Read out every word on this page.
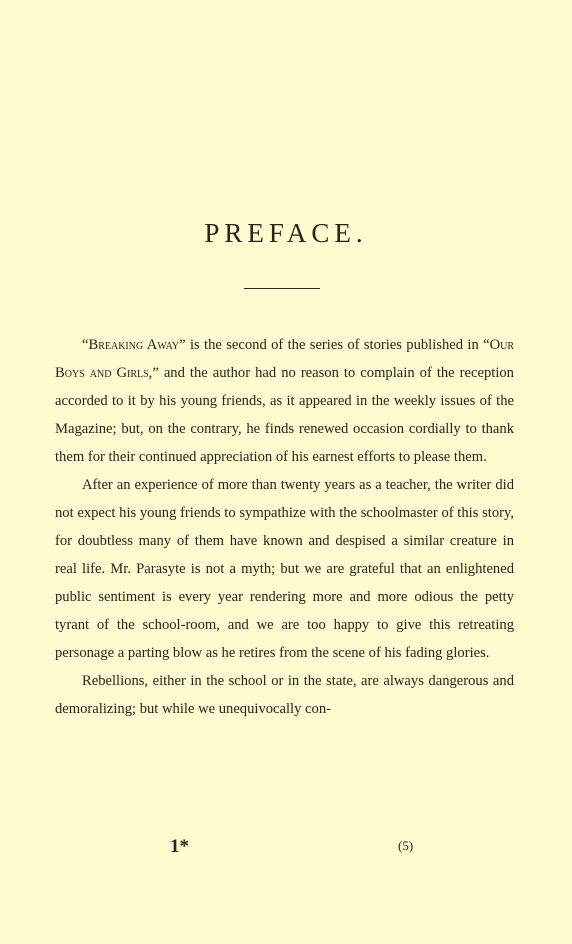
PREFACE.

“Breaking Away” is the second of the series of stories published in “Our Boys and Girls,” and the author had no reason to complain of the reception accorded to it by his young friends, as it appeared in the weekly issues of the Magazine; but, on the contrary, he finds renewed occasion cordially to thank them for their continued appreciation of his earnest efforts to please them.

After an experience of more than twenty years as a teacher, the writer did not expect his young friends to sympathize with the schoolmaster of this story, for doubtless many of them have known and despised a similar creature in real life. Mr. Parasyte is not a myth; but we are grateful that an enlightened public sentiment is every year rendering more and more odious the petty tyrant of the school-room, and we are too happy to give this retreating personage a parting blow as he retires from the scene of his fading glories.

Rebellions, either in the school or in the state, are always dangerous and demoralizing; but while we unequivocally con-

1*	(5)
